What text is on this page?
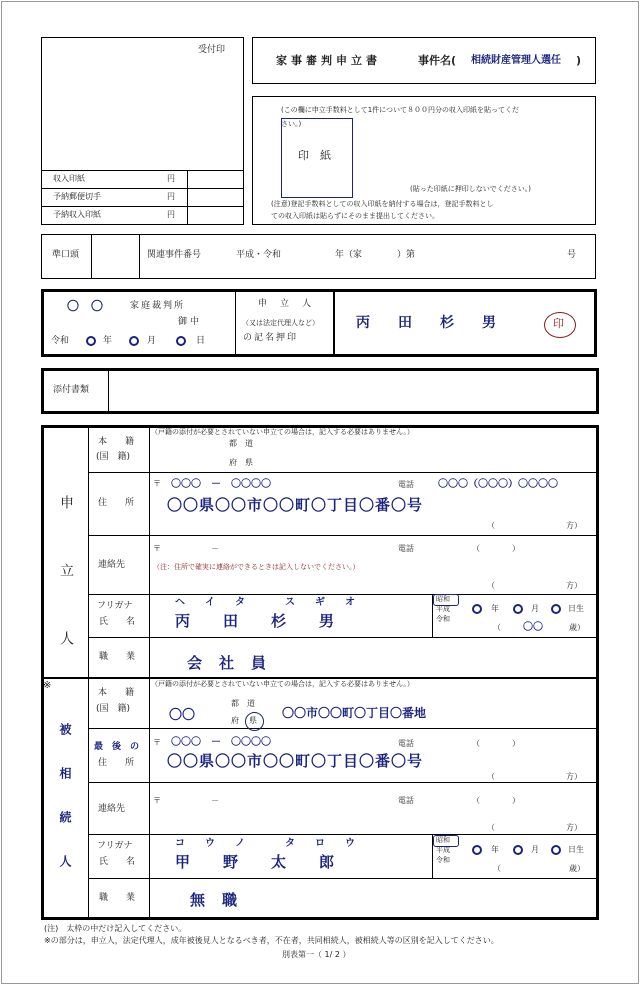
受付印
収入印紙	円
予納郵便切手	円
予納収入印紙	円
家事審判申立書	事件名( 相続財産管理人選任 )
(この欄に申立手数料として1件について８００円分の収入印紙を貼ってくだ
さい。)
印　紙
(貼った印紙に押印しないでください。)
(注意)登記手数料としての収入印紙を納付する場合は，登記手数料とし
ての収入印紙は貼らずにそのまま提出してください。
準口頭	関連事件番号	平成・令和	年（家	）第	号
〇　〇	家庭裁判所
御中
令和	年	月	日
申　立　人
（又は法定代理人など）
の記名押印
丙　　田　　杉　　男	印
添付書類
申　立　人
本　　籍
(国　籍)
（戸籍の添付が必要とされていない申立ての場合は，記入する必要はありません。）
都　道
府　県
住　　所
〒 〇〇〇　－　〇〇〇〇	電話 〇〇〇（〇〇〇）〇〇〇〇
〇〇県〇〇市〇〇町〇丁目〇番〇号
（	方）
連絡先
〒	－	電話	（　　　　）
（注：住所で確実に連絡ができるときは記入しないでください。）
（	方）
フリガナ
氏　　名
ヘ　　イ　　タ　　　　ス　　ギ　　オ
丙　　田　　杉　　男
昭和
平成
令和
年	月	日生
（ 〇〇	歳）
職　　業	会　社　員
※
被　相　続　人
本　　籍
(国　籍)
（戸籍の添付が必要とされていない申立ての場合は，記入する必要はありません。）
〇〇
都　道
府 県
〇〇市〇〇町〇丁目〇番地
最　後　の
住　　所
〒 〇〇〇　－　〇〇〇〇	電話	（　　　　）
〇〇県〇〇市〇〇町〇丁目〇番〇号
（	方）
連絡先
〒	－	電話	（　　　　）
（	方）
フリガナ
氏　　名
コ　　ウ　　ノ　　　　タ　　ロ　　ウ
甲　　野　　太　　郎
昭和
平成
令和
年	月	日生
（	歳）
職　　業	無　職
(注)　太枠の中だけ記入してください。
※の部分は，申立人，法定代理人，成年被後見人となるべき者，不在者，共同相続人，被相続人等の区別を記入してください。
別表第一（ 1/ 2 ）
